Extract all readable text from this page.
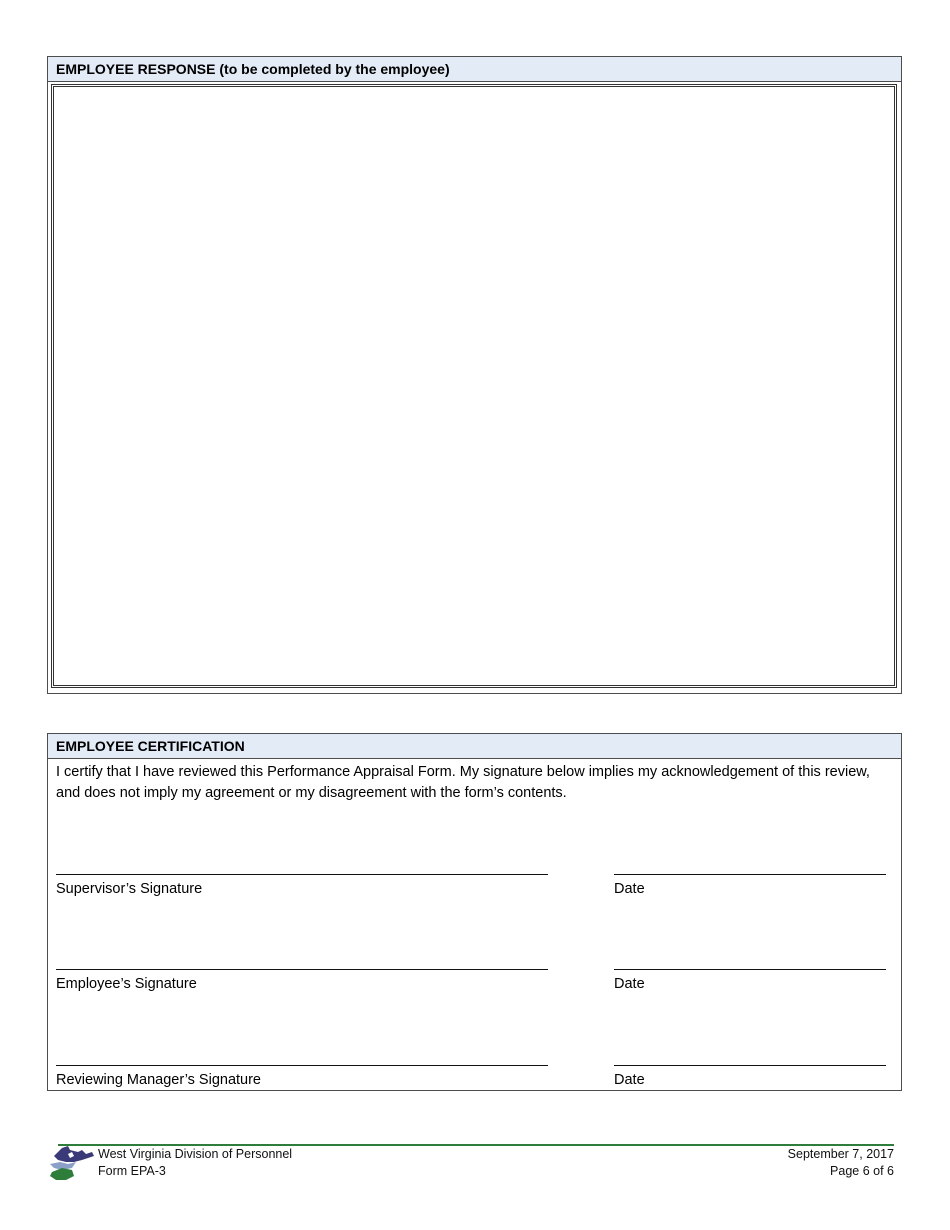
EMPLOYEE RESPONSE (to be completed by the employee)
EMPLOYEE CERTIFICATION
I certify that I have reviewed this Performance Appraisal Form. My signature below implies my acknowledgement of this review, and does not imply my agreement or my disagreement with the form’s contents.
Supervisor’s Signature	Date
Employee’s Signature	Date
Reviewing Manager’s Signature	Date
West Virginia Division of Personnel
Form EPA-3
September 7, 2017
Page 6 of 6
